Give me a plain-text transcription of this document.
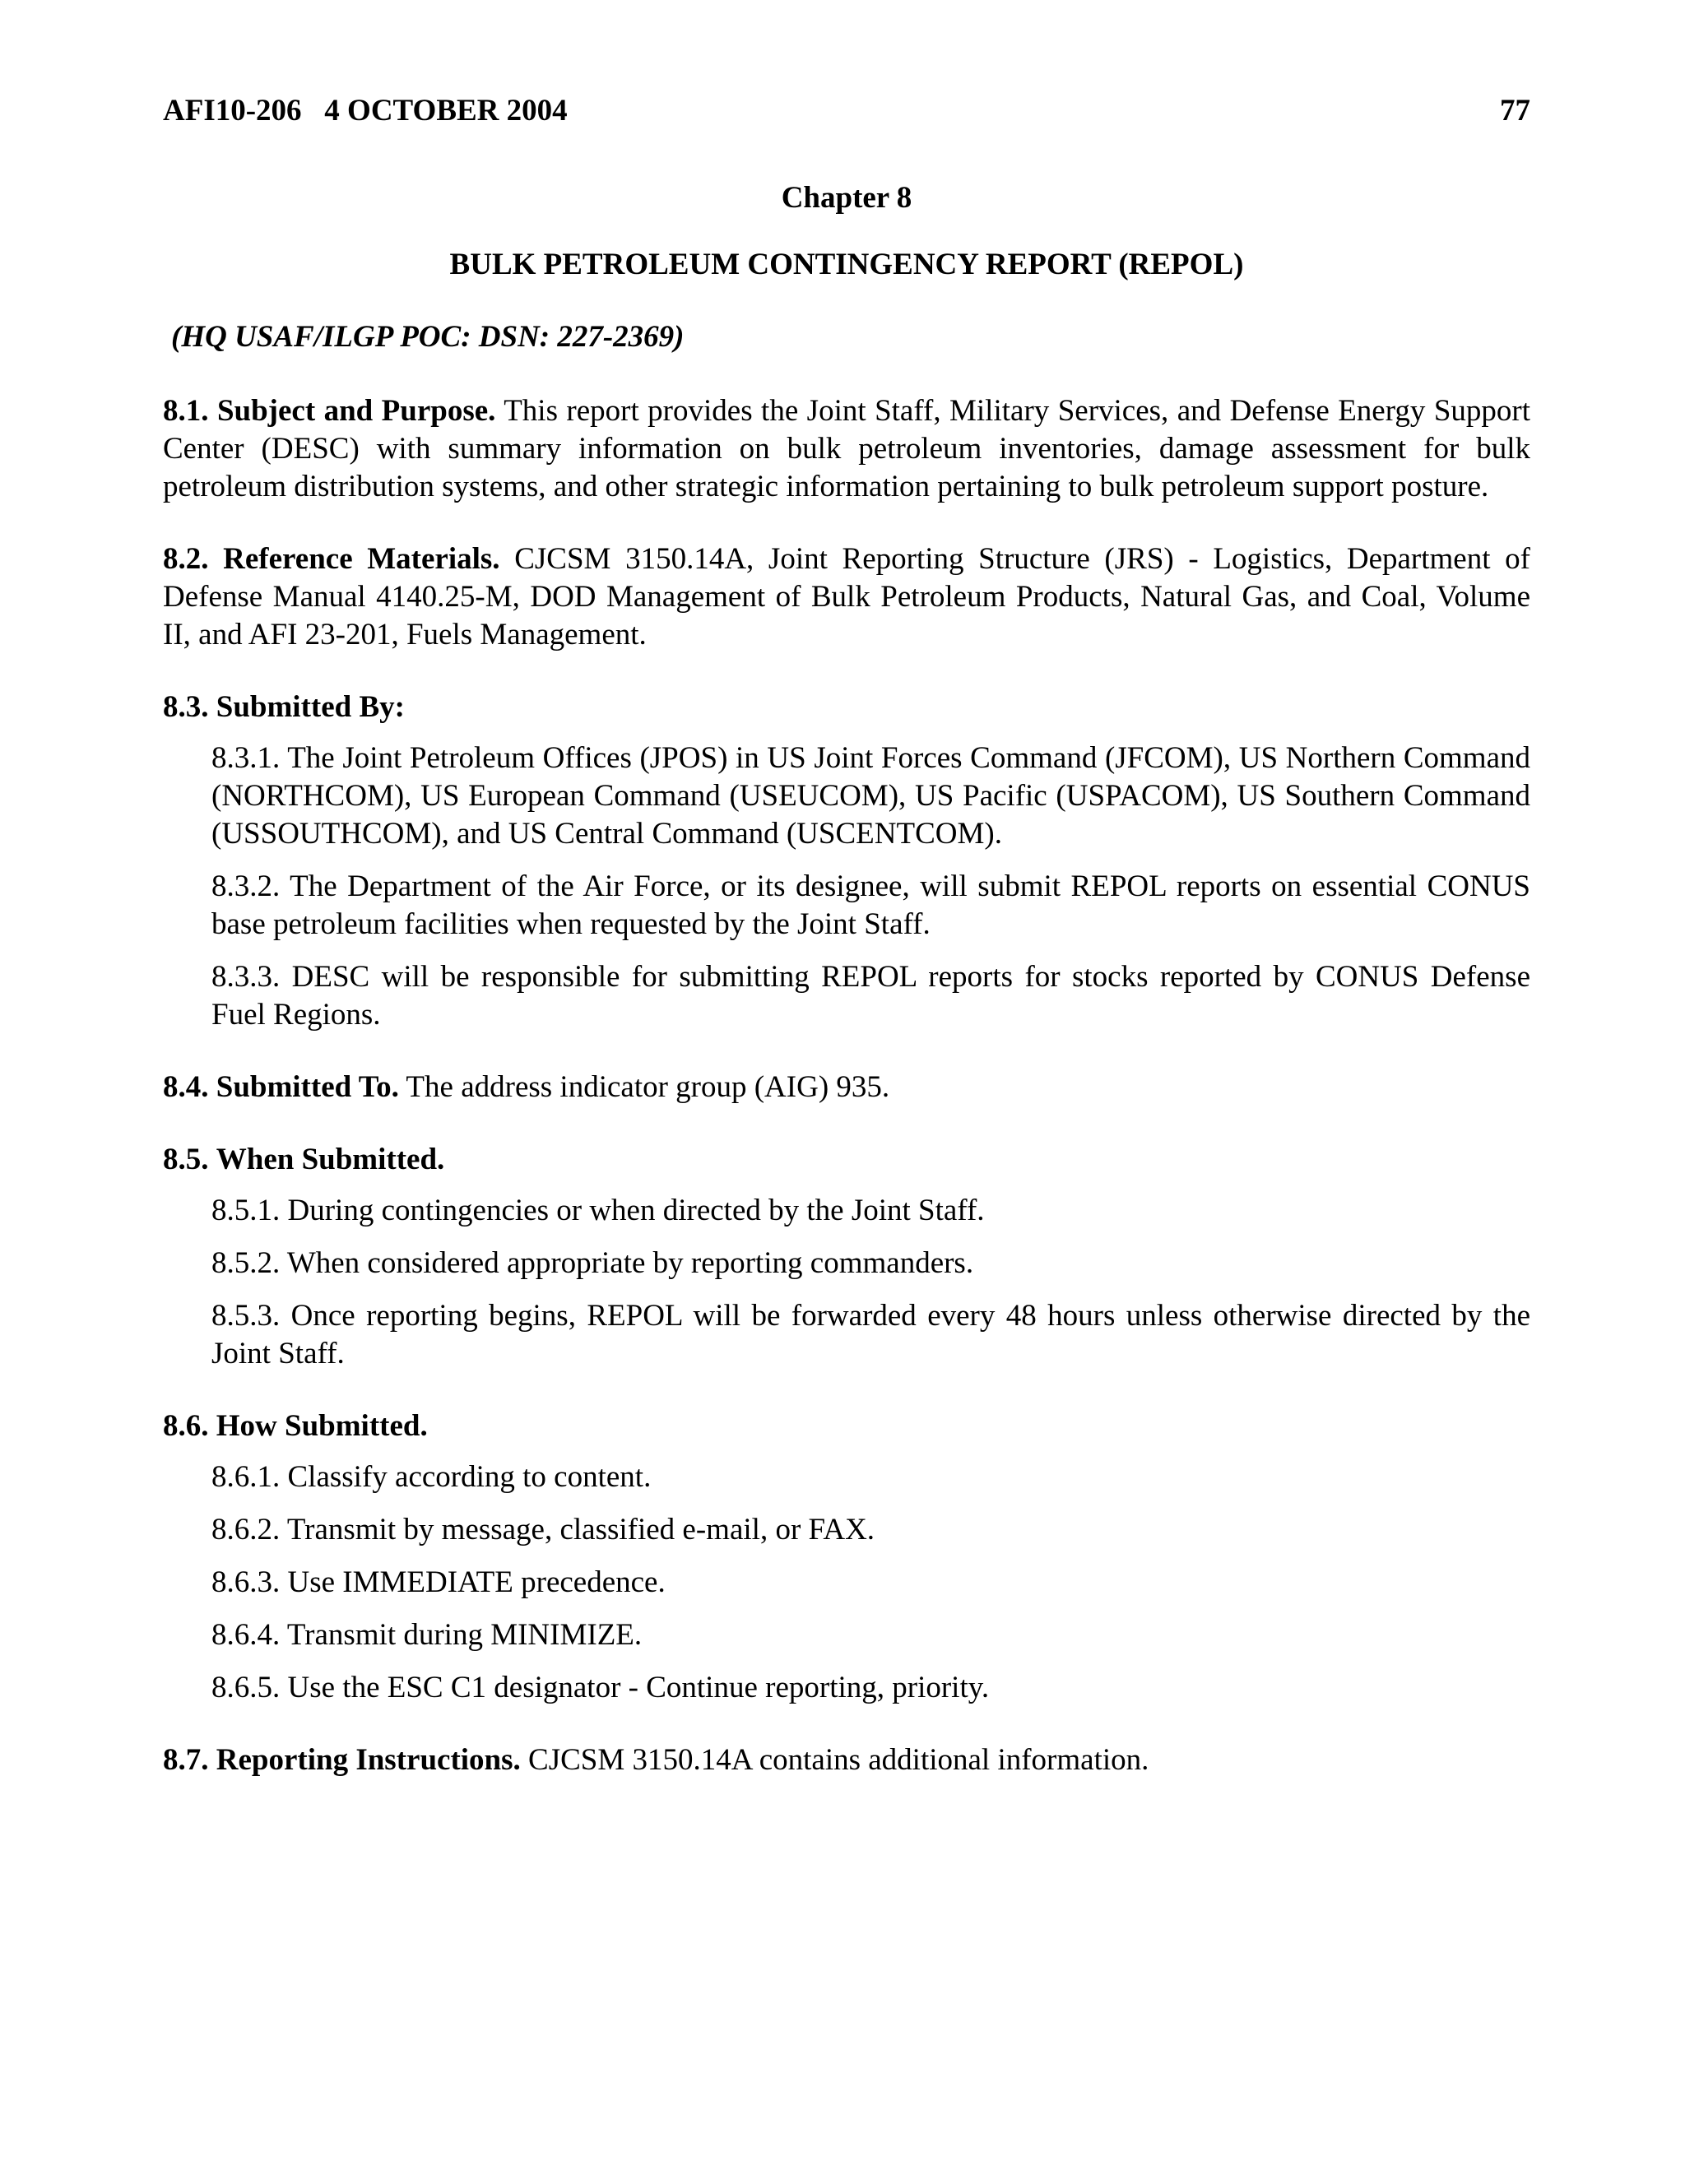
AFI10-206   4 OCTOBER 2004	77
Chapter 8
BULK PETROLEUM CONTINGENCY REPORT (REPOL)
(HQ USAF/ILGP POC: DSN: 227-2369)
8.1. Subject and Purpose. This report provides the Joint Staff, Military Services, and Defense Energy Support Center (DESC) with summary information on bulk petroleum inventories, damage assessment for bulk petroleum distribution systems, and other strategic information pertaining to bulk petroleum support posture.
8.2. Reference Materials. CJCSM 3150.14A, Joint Reporting Structure (JRS) - Logistics, Department of Defense Manual 4140.25-M, DOD Management of Bulk Petroleum Products, Natural Gas, and Coal, Volume II, and AFI 23-201, Fuels Management.
8.3. Submitted By:
8.3.1. The Joint Petroleum Offices (JPOS) in US Joint Forces Command (JFCOM), US Northern Command (NORTHCOM), US European Command (USEUCOM), US Pacific (USPACOM), US Southern Command (USSOUTHCOM), and US Central Command (USCENTCOM).
8.3.2. The Department of the Air Force, or its designee, will submit REPOL reports on essential CONUS base petroleum facilities when requested by the Joint Staff.
8.3.3. DESC will be responsible for submitting REPOL reports for stocks reported by CONUS Defense Fuel Regions.
8.4. Submitted To. The address indicator group (AIG) 935.
8.5. When Submitted.
8.5.1. During contingencies or when directed by the Joint Staff.
8.5.2. When considered appropriate by reporting commanders.
8.5.3. Once reporting begins, REPOL will be forwarded every 48 hours unless otherwise directed by the Joint Staff.
8.6. How Submitted.
8.6.1. Classify according to content.
8.6.2. Transmit by message, classified e-mail, or FAX.
8.6.3. Use IMMEDIATE precedence.
8.6.4. Transmit during MINIMIZE.
8.6.5. Use the ESC C1 designator - Continue reporting, priority.
8.7. Reporting Instructions. CJCSM 3150.14A contains additional information.
